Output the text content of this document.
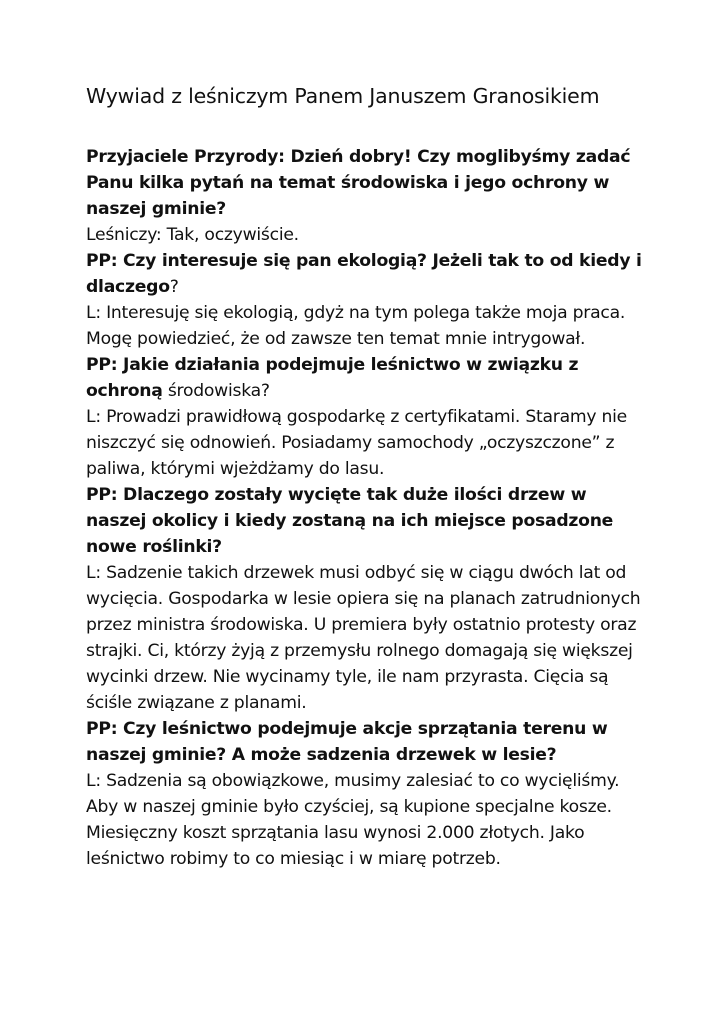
Wywiad z leśniczym Panem Januszem Granosikiem

Przyjaciele Przyrody: Dzień dobry! Czy moglibyśmy zadać Panu kilka pytań na temat środowiska i jego ochrony w naszej gminie?

Leśniczy: Tak, oczywiście.

PP: Czy interesuje się pan ekologią? Jeżeli tak to od kiedy i dlaczego?

L: Interesuję się ekologią, gdyż na tym polega także moja praca. Mogę powiedzieć, że od zawsze ten temat mnie intrygował.

PP: Jakie działania podejmuje leśnictwo w związku z ochroną środowiska?

L: Prowadzi prawidłową gospodarkę z certyfikatami. Staramy nie niszczyć się odnowień. Posiadamy samochody „oczyszczone” z paliwa, którymi wjeżdżamy do lasu.

PP: Dlaczego zostały wycięte tak duże ilości drzew w naszej okolicy i kiedy zostaną na ich miejsce posadzone nowe roślinki?

L: Sadzenie takich drzewek musi odbyć się w ciągu dwóch lat od wycięcia. Gospodarka w lesie opiera się na planach zatrudnionych przez ministra środowiska. U premiera były ostatnio protesty oraz strajki. Ci, którzy żyją z przemysłu rolnego domagają się większej wycinki drzew. Nie wycinamy tyle, ile nam przyrasta. Cięcia są ściśle związane z planami.

PP: Czy leśnictwo podejmuje akcje sprzątania terenu w naszej gminie? A może sadzenia drzewek w lesie?

L: Sadzenia są obowiązkowe, musimy zalesiać to co wycięliśmy. Aby w naszej gminie było czyściej, są kupione specjalne kosze. Miesięczny koszt sprzątania lasu wynosi 2.000 złotych. Jako leśnictwo robimy to co miesiąc i w miarę potrzeb.
